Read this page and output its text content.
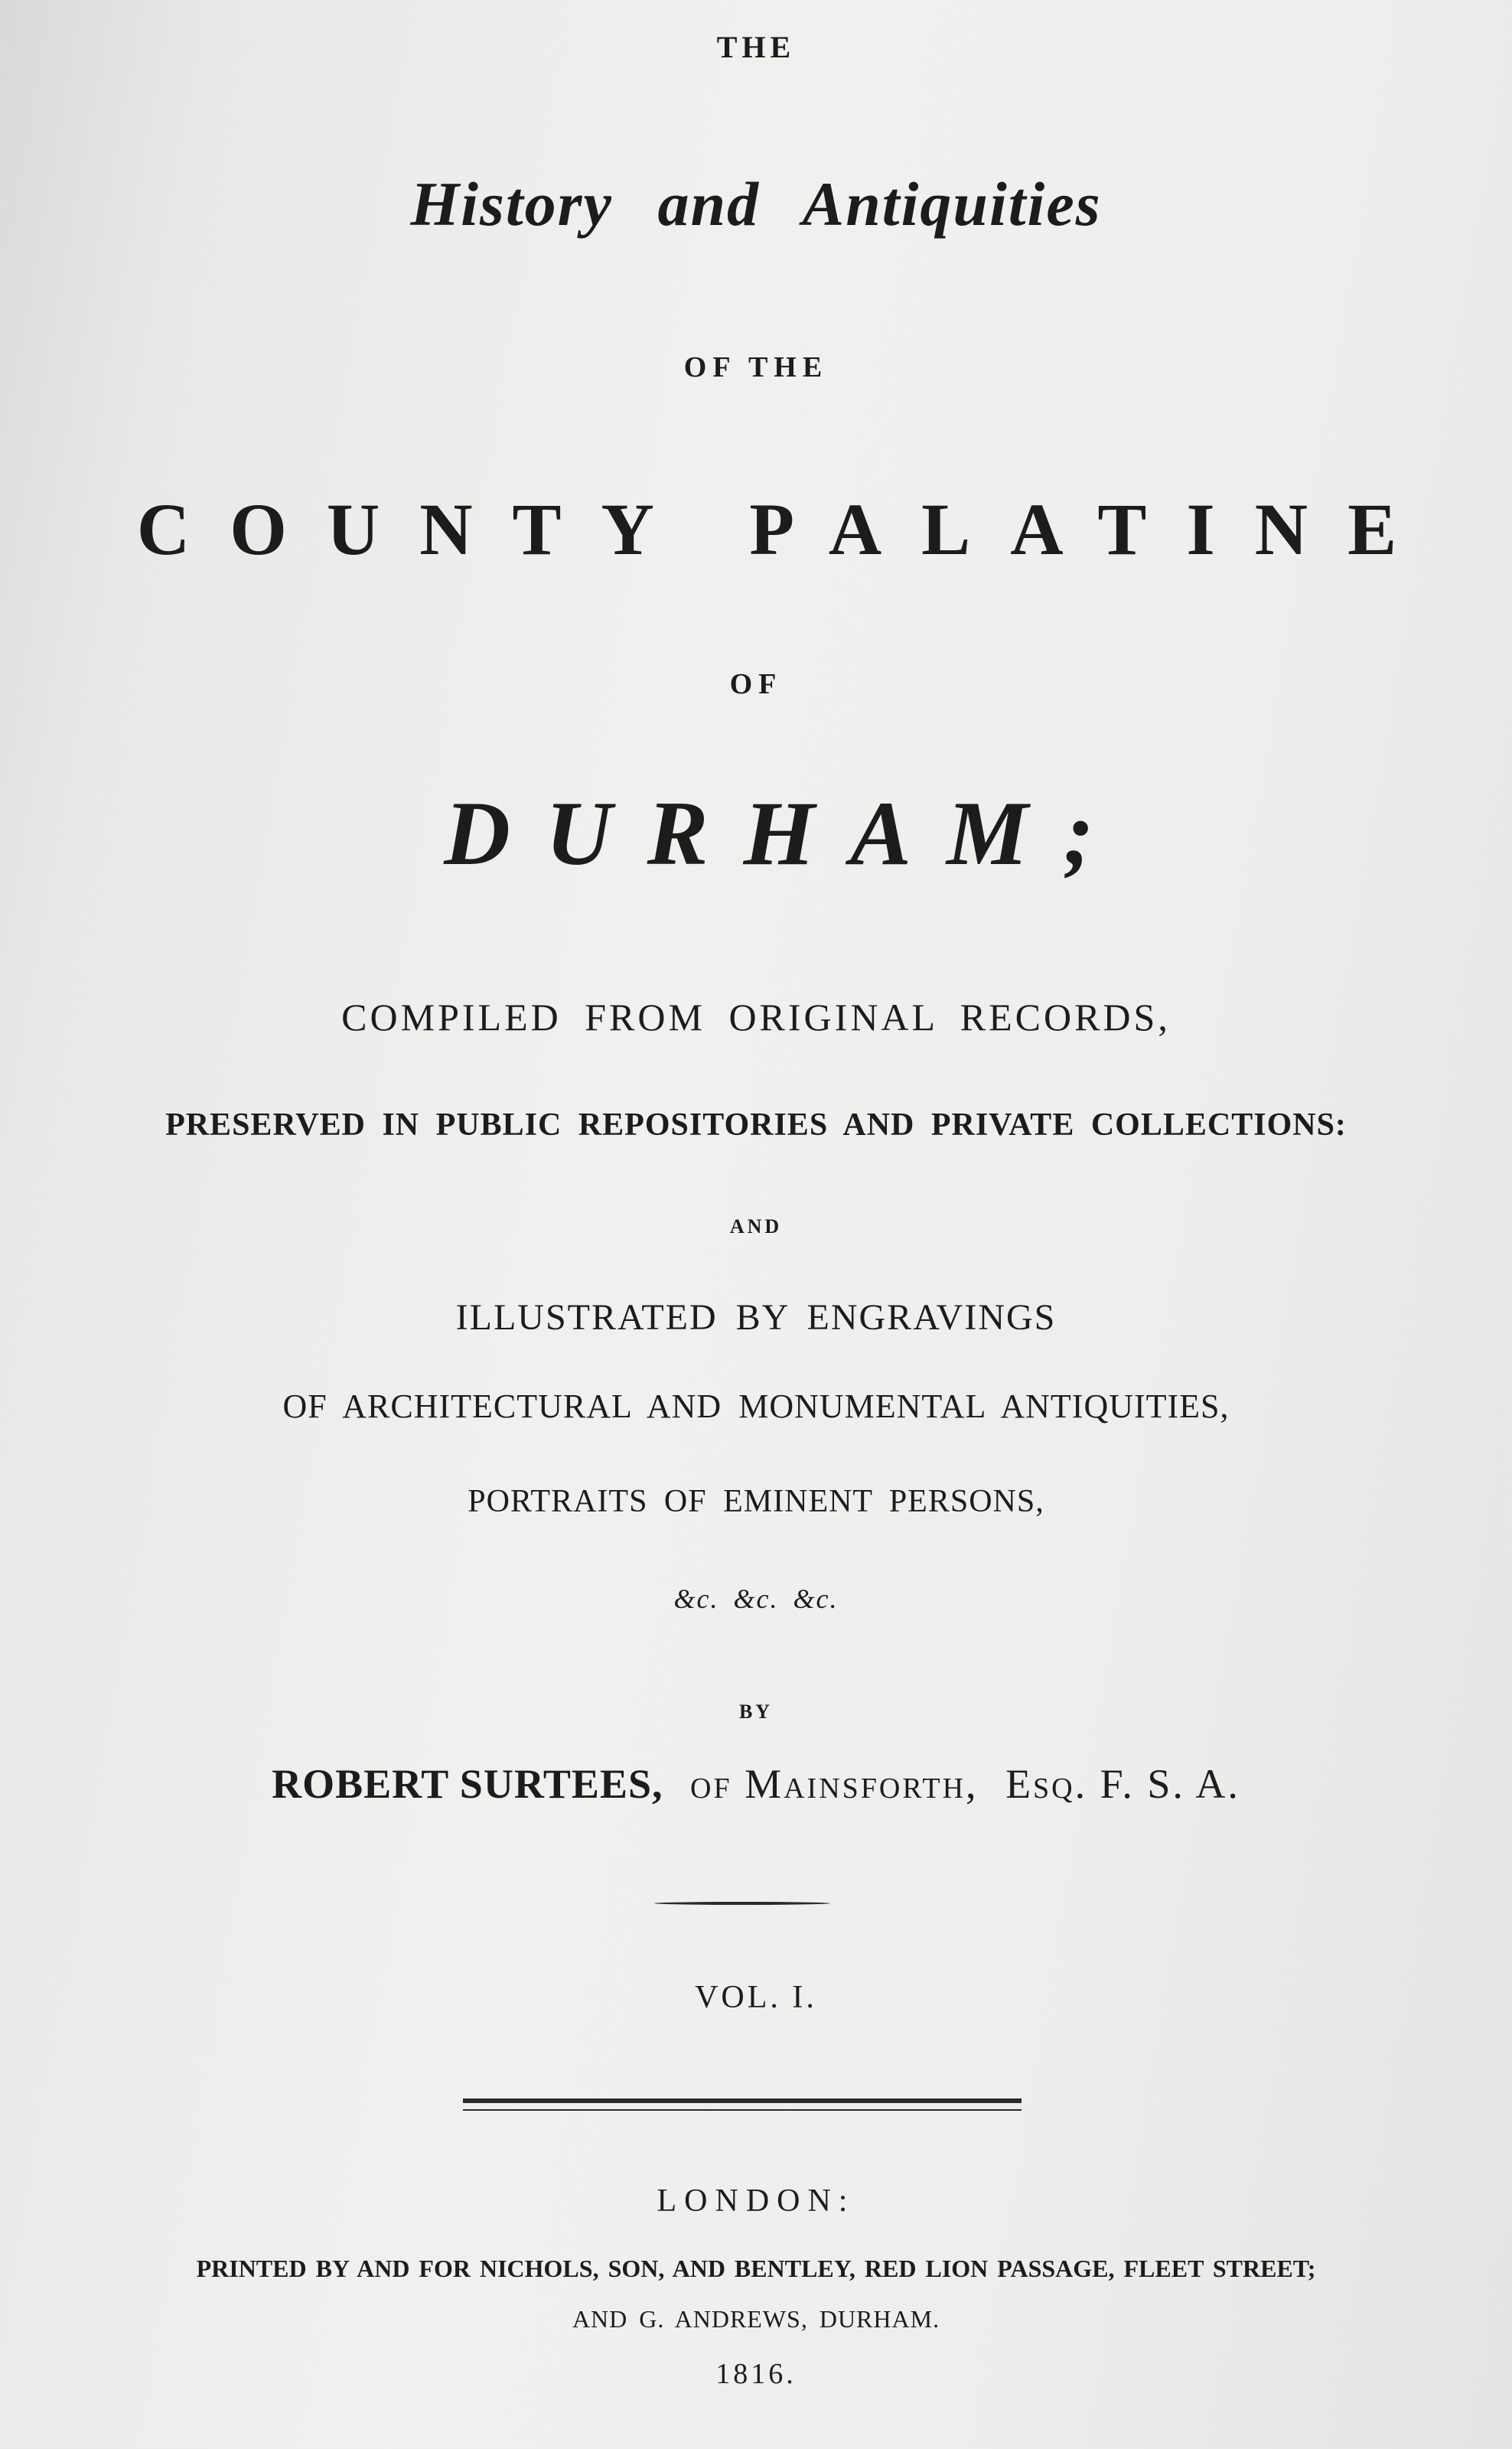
THE
History and Antiquities
OF THE
COUNTY PALATINE
OF
DURHAM;
COMPILED FROM ORIGINAL RECORDS,
PRESERVED IN PUBLIC REPOSITORIES AND PRIVATE COLLECTIONS:
AND
ILLUSTRATED BY ENGRAVINGS
OF ARCHITECTURAL AND MONUMENTAL ANTIQUITIES,
PORTRAITS OF EMINENT PERSONS,
&c. &c. &c.
BY
ROBERT SURTEES, of Mainsforth, Esq. F. S. A.
VOL. I.
LONDON:
PRINTED BY AND FOR NICHOLS, SON, AND BENTLEY, RED LION PASSAGE, FLEET STREET;
AND G. ANDREWS, DURHAM.
1816.
